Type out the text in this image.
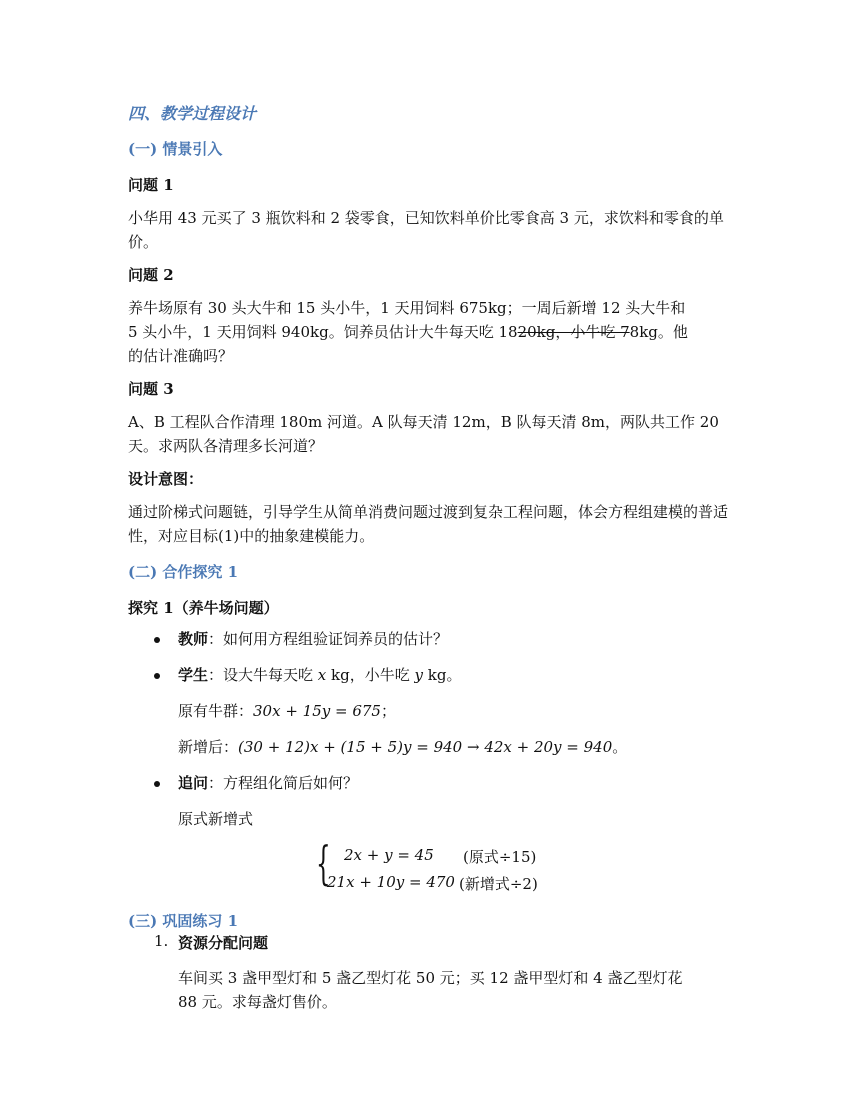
四、教学过程设计
(一) 情景引入
问题 1
小华用 43 元买了 3 瓶饮料和 2 袋零食，已知饮料单价比零食高 3 元，求饮料和零食的单价。
问题 2
养牛场原有 30 头大牛和 15 头小牛，1 天用饲料 675kg；一周后新增 12 头大牛和
5 头小牛，1 天用饲料 940kg。饲养员估计大牛每天吃 1820kg，小牛吃 78kg。他
的估计准确吗？
问题 3
A、B 工程队合作清理 180m 河道。A 队每天清 12m，B 队每天清 8m，两队共工作 20 天。求两队各清理多长河道？
设计意图：
通过阶梯式问题链，引导学生从简单消费问题过渡到复杂工程问题，体会方程组建模的普适性，对应目标(1)中的抽象建模能力。
(二) 合作探究 1
探究 1（养牛场问题）
教师：如何用方程组验证饲养员的估计？
学生：设大牛每天吃 x kg，小牛吃 y kg。
原有牛群：30x + 15y = 675；
新增后：(30 + 12)x + (15 + 5)y = 940 → 42x + 20y = 940。
追问：方程组化简后如何？
原式新增式
{ 2x + y = 45 (原式÷15)
21x + 10y = 470 (新增式÷2)
(三) 巩固练习 1
1. 资源分配问题
车间买 3 盏甲型灯和 5 盏乙型灯花 50 元；买 12 盏甲型灯和 4 盏乙型灯花
88 元。求每盏灯售价。
